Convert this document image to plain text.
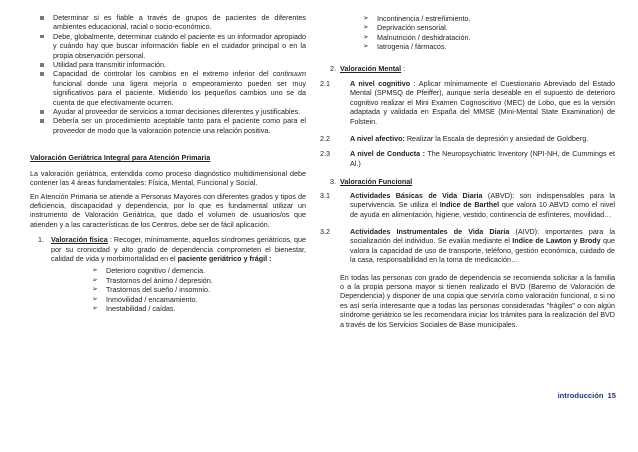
Determinar si es fiable a través de grupos de pacientes de diferentes ambientes educacional, racial o socio-económico.
Debe, globalmente, determinar cuándo el paciente es un informador apropiado y cuándo hay que buscar información fiable en el cuidador principal o en la propia observación personal.
Utilidad para transmitir información.
Capacidad de controlar los cambios en el extremo inferior del continuum funcional donde una ligera mejoría o empeoramiento pueden ser muy significativos para el paciente. Midiendo los pequeños cambios uno se da cuenta de que efectivamente ocurren.
Ayudar al proveedor de servicios a tomar decisiones diferentes y justificables.
Debería ser un procedimiento aceptable tanto para el paciente como para el proveedor de modo que la valoración potencie una relación positiva.

Valoración Geriátrica Integral para Atención Primaria

La valoración geriátrica, entendida como proceso diagnóstico multidimensional debe contener las 4 áreas fundamentales: Física, Mental, Funcional y Social.

En Atención Primaria se atiende a Personas Mayores con diferentes grados y tipos de deficiencia, discapacidad y dependencia, por lo que es fundamental utilizar un instrumento de Valoración Geriátrica, que dado el volumen de usuarios/os que atienden y a las características de los Centros, debe ser de fácil aplicación.

1. Valoración física : Recoger, mínimamente, aquellos síndromes geriátricos, que por su cronicidad y alto grado de dependencia comprometen el bienestar, calidad de vida y morbimortalidad en el paciente geriátrico y frágil :
➢ Deterioro cognitivo / demencia.
➢ Trastornos del ánimo / depresión.
➢ Trastornos del sueño / insomnio.
➢ Inmovilidad / encamamiento.
➢ Inestabilidad / caídas.
➢ Incontinencia / estreñimiento.
➢ Deprivación sensorial.
➢ Malnutrición / deshidratación.
➢ Iatrogenia / fármacos.
2. Valoración Mental :
2.1	A nivel cognitivo : Aplicar mínimamente el Cuestionario Abreviado del Estado Mental (SPMSQ de Pfeiffer), aunque sería deseable en el supuesto de deterioro cognitivo realizar el Mini Examen Cognoscitivo (MEC) de Lobo, que es la versión adaptada y validada en España del MMSE (Mini-Mental State Examination) de Folstein.
2.2	A nivel afectivo: Realizar la Escala de depresión y ansiedad de Goldberg.
2.3	A nivel de Conducta : The Neuropsychiatric Inventory (NPI-NH, de Cummings et Al.)
3. Valoración Funcional
3.1	Actividades Básicas de Vida Diaria (ABVD): son indispensables para la supervivencia. Se utiliza el Indice de Barthel que valora 10 ABVD como el nivel de ayuda en alimentación, higiene, vestido, continencia de esfínteres, movilidad…
3.2	Actividades Instrumentales de Vida Diaria (AIVD): importantes para la socialización del individuo. Se evalúa mediante el Indice de Lawton y Brody que valora la capacidad de uso de transporte, teléfono, gestión económica, cuidado de la casa, responsabilidad en la toma de medicación…

En todas las personas con grado de dependencia se recomienda solicitar a la familia o a la propia persona mayor si tienen realizado el BVD (Baremo de Valoración de Dependencia) y disponer de una copia que serviría como valoración funcional, o si no es así sería interesante que a todas las personas consideradas "frágiles" o con algún síndrome geriátrico se les recomendara iniciar los trámites para la realización del BVD a través de los Servicios Sociales de Base municipales.

introducción 15
